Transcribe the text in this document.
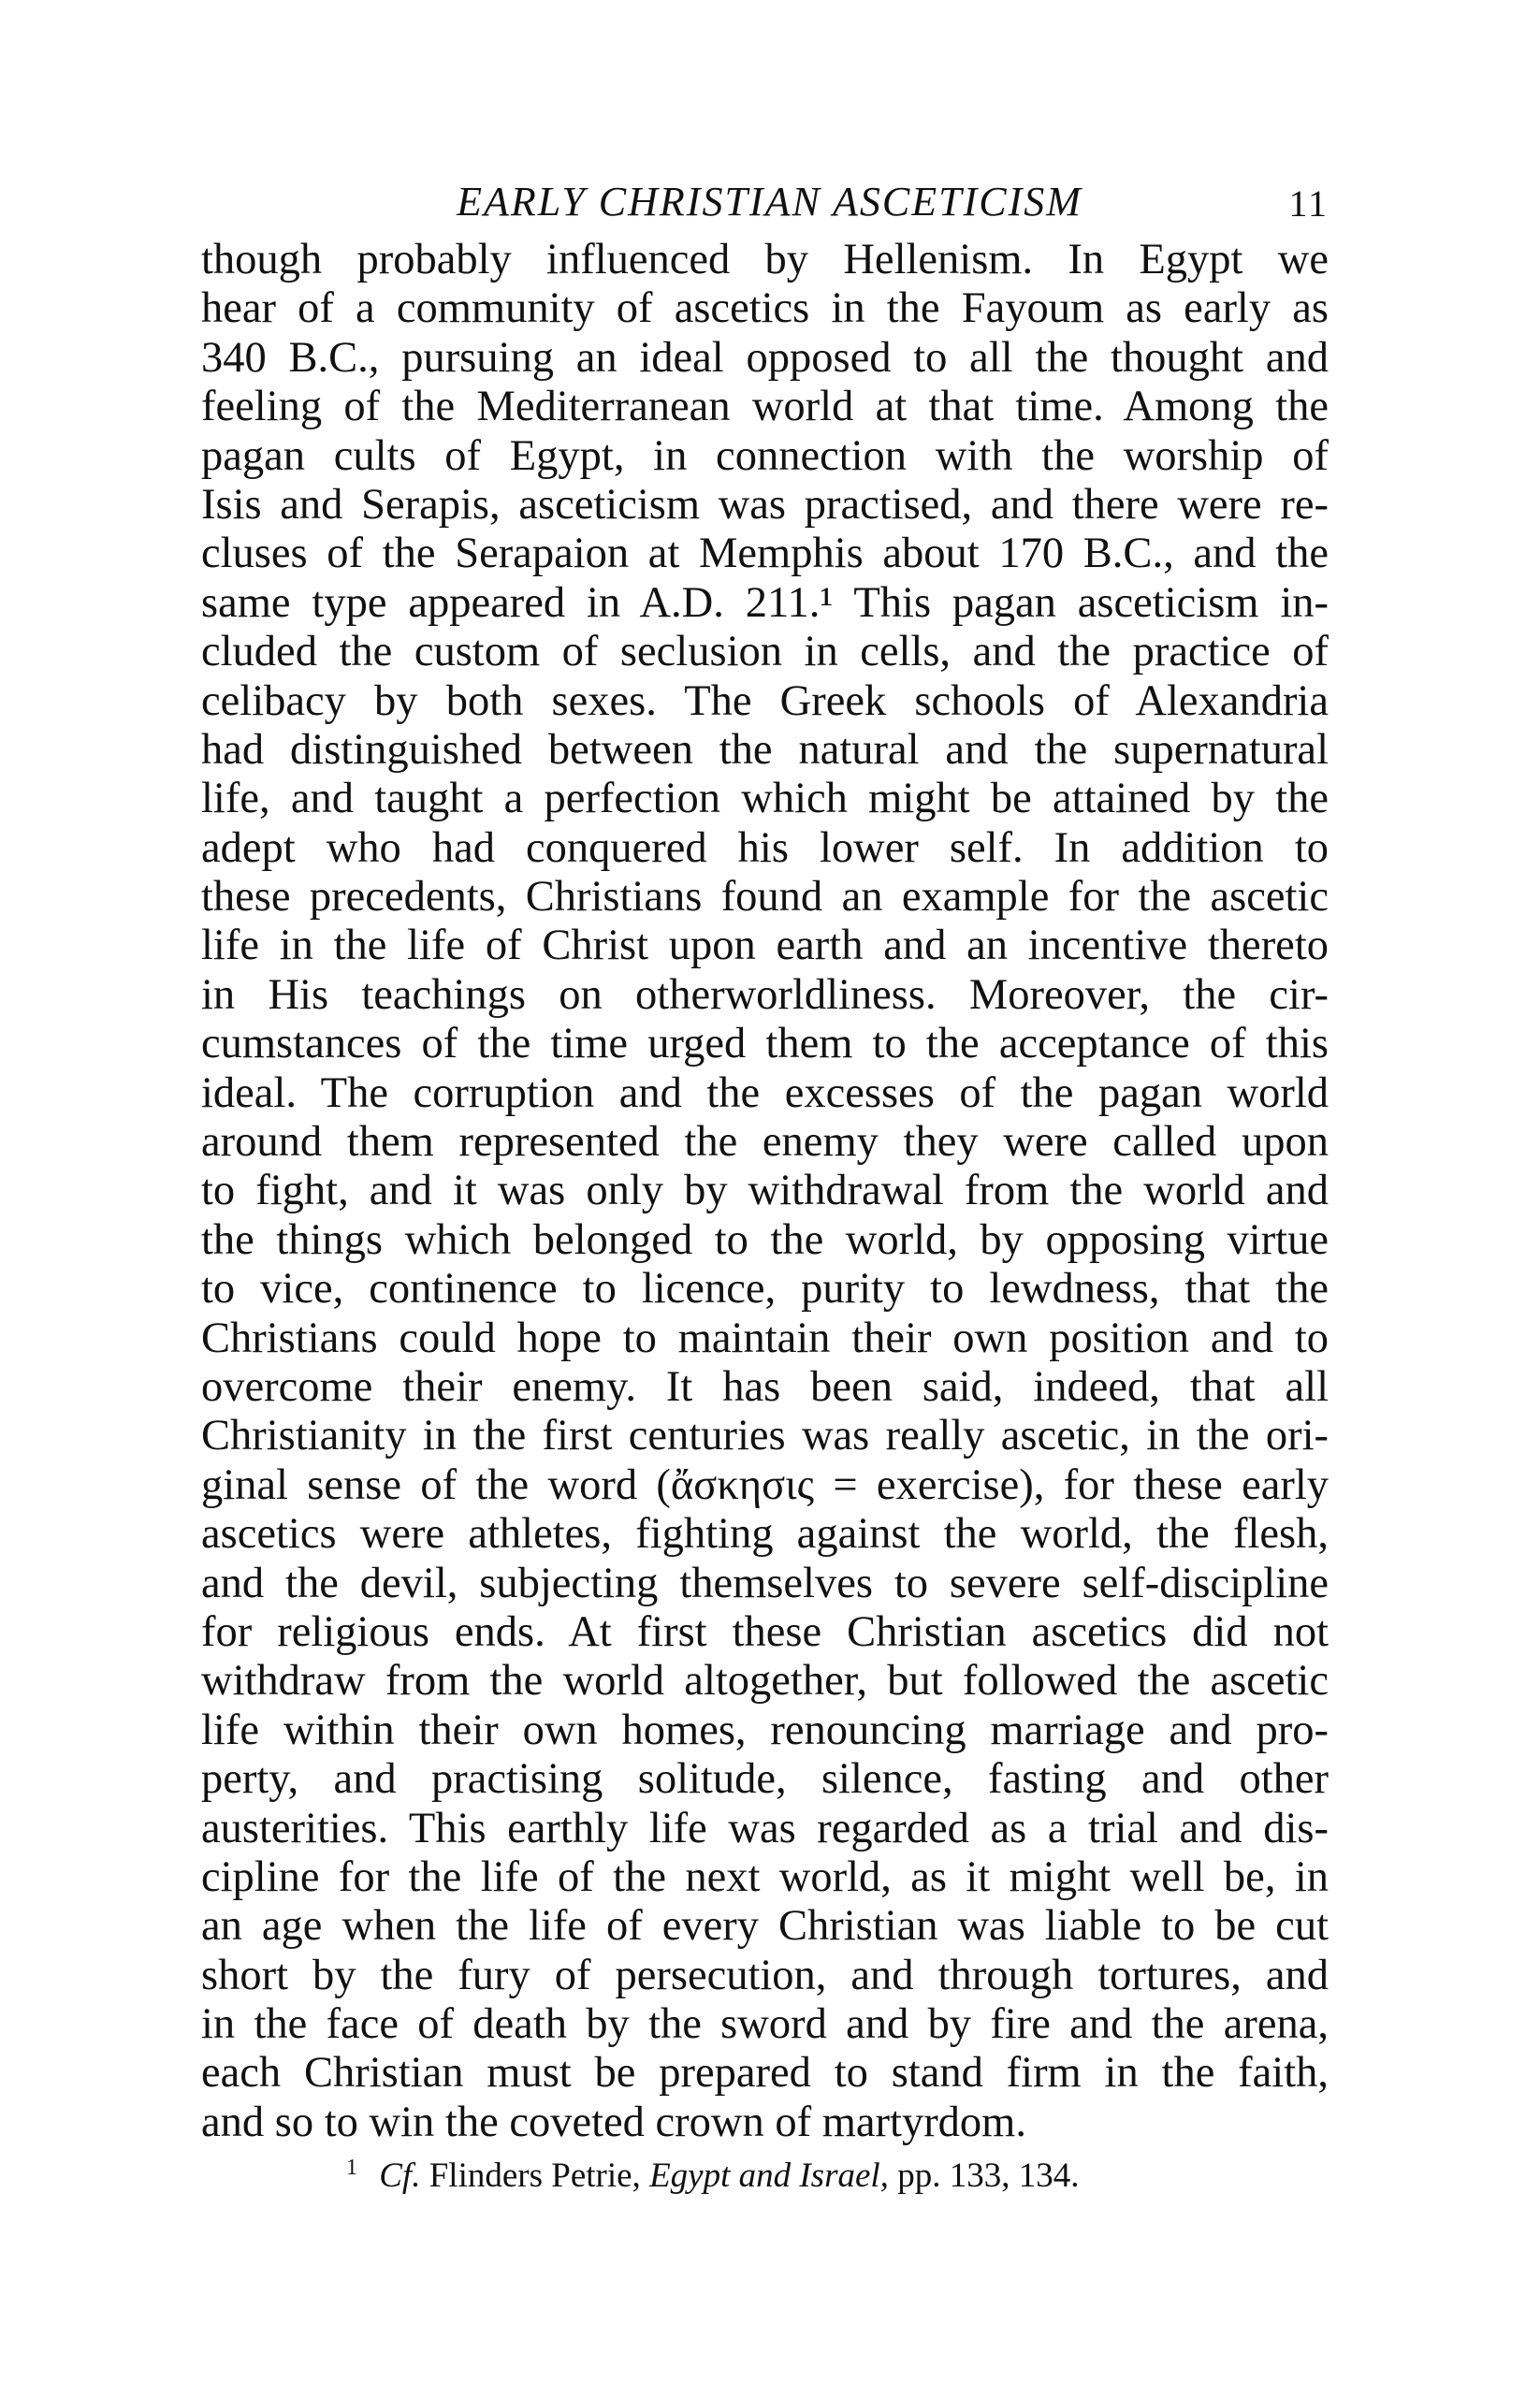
EARLY CHRISTIAN ASCETICISM	11
though probably influenced by Hellenism. In Egypt we
hear of a community of ascetics in the Fayoum as early as
340 B.C., pursuing an ideal opposed to all the thought and
feeling of the Mediterranean world at that time. Among the
pagan cults of Egypt, in connection with the worship of
Isis and Serapis, asceticism was practised, and there were re-
cluses of the Serapaion at Memphis about 170 B.C., and the
same type appeared in A.D. 211.¹ This pagan asceticism in-
cluded the custom of seclusion in cells, and the practice of
celibacy by both sexes. The Greek schools of Alexandria
had distinguished between the natural and the supernatural
life, and taught a perfection which might be attained by the
adept who had conquered his lower self. In addition to
these precedents, Christians found an example for the ascetic
life in the life of Christ upon earth and an incentive thereto
in His teachings on otherworldliness. Moreover, the cir-
cumstances of the time urged them to the acceptance of this
ideal. The corruption and the excesses of the pagan world
around them represented the enemy they were called upon
to fight, and it was only by withdrawal from the world and
the things which belonged to the world, by opposing virtue
to vice, continence to licence, purity to lewdness, that the
Christians could hope to maintain their own position and to
overcome their enemy. It has been said, indeed, that all
Christianity in the first centuries was really ascetic, in the ori-
ginal sense of the word (ἄσκησις = exercise), for these early
ascetics were athletes, fighting against the world, the flesh,
and the devil, subjecting themselves to severe self-discipline
for religious ends. At first these Christian ascetics did not
withdraw from the world altogether, but followed the ascetic
life within their own homes, renouncing marriage and pro-
perty, and practising solitude, silence, fasting and other
austerities. This earthly life was regarded as a trial and dis-
cipline for the life of the next world, as it might well be, in
an age when the life of every Christian was liable to be cut
short by the fury of persecution, and through tortures, and
in the face of death by the sword and by fire and the arena,
each Christian must be prepared to stand firm in the faith,
and so to win the coveted crown of martyrdom.
$^1$ Cf. Flinders Petrie, Egypt and Israel, pp. 133, 134.
